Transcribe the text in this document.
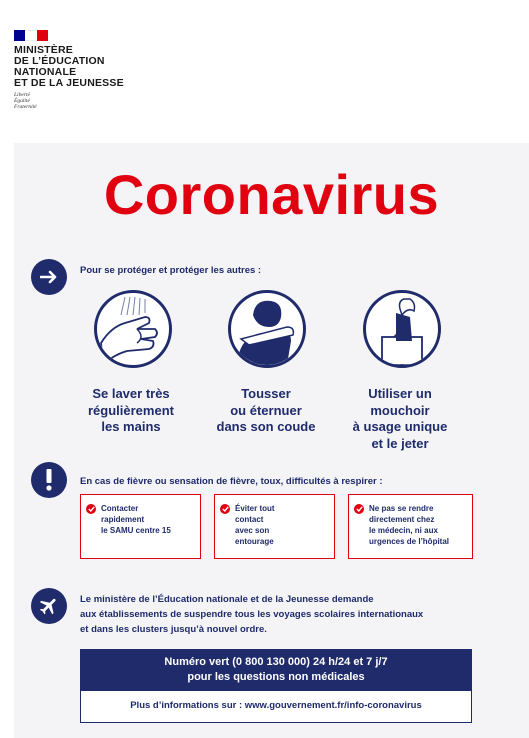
MINISTÈRE
DE L’ÉDUCATION
NATIONALE
ET DE LA JEUNESSE
Liberté
Égalité
Fraternité
Coronavirus
Pour se protéger et protéger les autres :
Se laver très
régulièrement
les mains
Tousser
ou éternuer
dans son coude
Utiliser un
mouchoir
à usage unique
et le jeter
En cas de fièvre ou sensation de fièvre, toux, difficultés à respirer :
Contacter
rapidement
le SAMU centre 15
Éviter tout
contact
avec son
entourage
Ne pas se rendre
directement chez
le médecin, ni aux
urgences de l’hôpital
Le ministère de l’Éducation nationale et de la Jeunesse demande
aux établissements de suspendre tous les voyages scolaires internationaux
et dans les clusters jusqu’à nouvel ordre.
Numéro vert (0 800 130 000) 24 h/24 et 7 j/7
pour les questions non médicales
Plus d’informations sur : www.gouvernement.fr/info-coronavirus
